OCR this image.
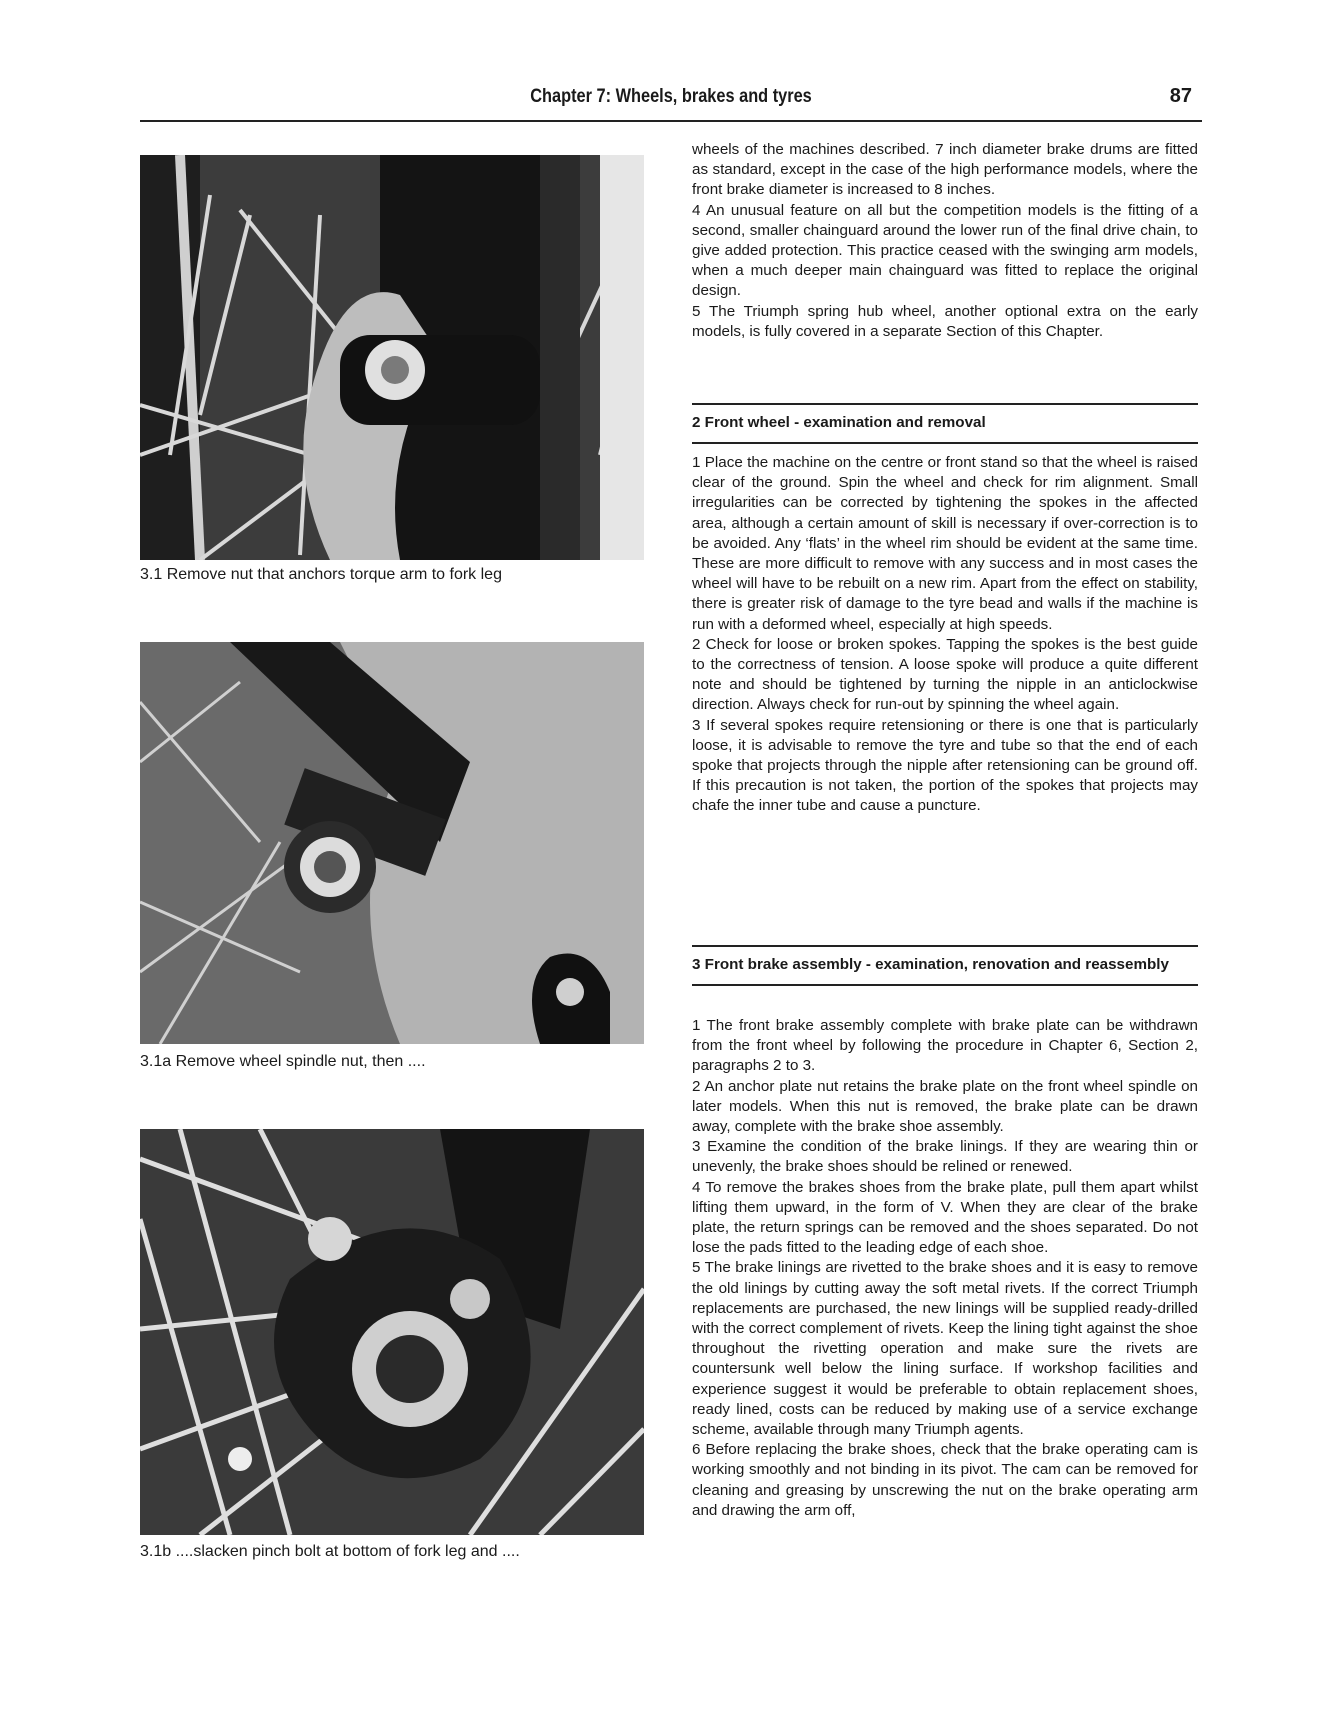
Chapter 7: Wheels, brakes and tyres	87
3.1 Remove nut that anchors torque arm to fork leg
3.1a Remove wheel spindle nut, then ....
3.1b ....slacken pinch bolt at bottom of fork leg and ....

wheels of the machines described. 7 inch diameter brake drums are fitted as standard, except in the case of the high performance models, where the front brake diameter is increased to 8 inches.

4 An unusual feature on all but the competition models is the fitting of a second, smaller chainguard around the lower run of the final drive chain, to give added protection. This practice ceased with the swinging arm models, when a much deeper main chainguard was fitted to replace the original design.

5 The Triumph spring hub wheel, another optional extra on the early models, is fully covered in a separate Section of this Chapter.

2 Front wheel - examination and removal

1 Place the machine on the centre or front stand so that the wheel is raised clear of the ground. Spin the wheel and check for rim alignment. Small irregularities can be corrected by tightening the spokes in the affected area, although a certain amount of skill is necessary if over-correction is to be avoided. Any ‘flats’ in the wheel rim should be evident at the same time. These are more difficult to remove with any success and in most cases the wheel will have to be rebuilt on a new rim. Apart from the effect on stability, there is greater risk of damage to the tyre bead and walls if the machine is run with a deformed wheel, especially at high speeds.

2 Check for loose or broken spokes. Tapping the spokes is the best guide to the correctness of tension. A loose spoke will produce a quite different note and should be tightened by turning the nipple in an anticlockwise direction. Always check for run-out by spinning the wheel again.

3 If several spokes require retensioning or there is one that is particularly loose, it is advisable to remove the tyre and tube so that the end of each spoke that projects through the nipple after retensioning can be ground off. If this precaution is not taken, the portion of the spokes that projects may chafe the inner tube and cause a puncture.

3 Front brake assembly - examination, renovation and reassembly

1 The front brake assembly complete with brake plate can be withdrawn from the front wheel by following the procedure in Chapter 6, Section 2, paragraphs 2 to 3.

2 An anchor plate nut retains the brake plate on the front wheel spindle on later models. When this nut is removed, the brake plate can be drawn away, complete with the brake shoe assembly.

3 Examine the condition of the brake linings. If they are wearing thin or unevenly, the brake shoes should be relined or renewed.

4 To remove the brakes shoes from the brake plate, pull them apart whilst lifting them upward, in the form of V. When they are clear of the brake plate, the return springs can be removed and the shoes separated. Do not lose the pads fitted to the leading edge of each shoe.

5 The brake linings are rivetted to the brake shoes and it is easy to remove the old linings by cutting away the soft metal rivets. If the correct Triumph replacements are purchased, the new linings will be supplied ready-drilled with the correct complement of rivets. Keep the lining tight against the shoe throughout the rivetting operation and make sure the rivets are countersunk well below the lining surface. If workshop facilities and experience suggest it would be preferable to obtain replacement shoes, ready lined, costs can be reduced by making use of a service exchange scheme, available through many Triumph agents.

6 Before replacing the brake shoes, check that the brake operating cam is working smoothly and not binding in its pivot. The cam can be removed for cleaning and greasing by unscrewing the nut on the brake operating arm and drawing the arm off,
